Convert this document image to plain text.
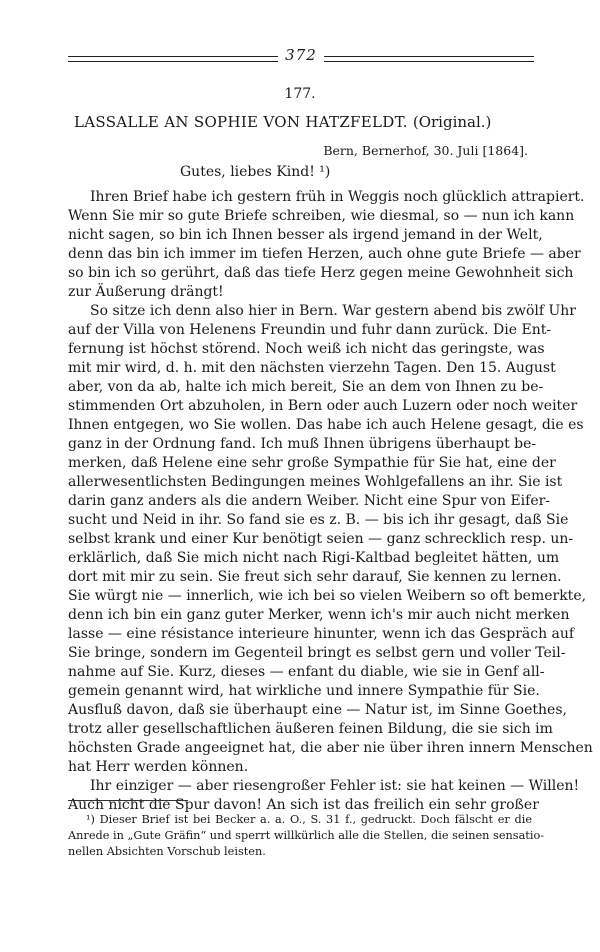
372
177.
LASSALLE AN SOPHIE VON HATZFELDT. (Original.)
Bern, Bernerhof, 30. Juli [1864].
Gutes, liebes Kind! ¹)
Ihren Brief habe ich gestern früh in Weggis noch glücklich attrapiert.
Wenn Sie mir so gute Briefe schreiben, wie diesmal, so — nun ich kann
nicht sagen, so bin ich Ihnen besser als irgend jemand in der Welt,
denn das bin ich immer im tiefen Herzen, auch ohne gute Briefe — aber
so bin ich so gerührt, daß das tiefe Herz gegen meine Gewohnheit sich
zur Äußerung drängt!
So sitze ich denn also hier in Bern. War gestern abend bis zwölf Uhr
auf der Villa von Helenens Freundin und fuhr dann zurück. Die Ent-
fernung ist höchst störend. Noch weiß ich nicht das geringste, was
mit mir wird, d. h. mit den nächsten vierzehn Tagen. Den 15. August
aber, von da ab, halte ich mich bereit, Sie an dem von Ihnen zu be-
stimmenden Ort abzuholen, in Bern oder auch Luzern oder noch weiter
Ihnen entgegen, wo Sie wollen. Das habe ich auch Helene gesagt, die es
ganz in der Ordnung fand. Ich muß Ihnen übrigens überhaupt be-
merken, daß Helene eine sehr große Sympathie für Sie hat, eine der
allerwesentlichsten Bedingungen meines Wohlgefallens an ihr. Sie ist
darin ganz anders als die andern Weiber. Nicht eine Spur von Eifer-
sucht und Neid in ihr. So fand sie es z. B. — bis ich ihr gesagt, daß Sie
selbst krank und einer Kur benötigt seien — ganz schrecklich resp. un-
erklärlich, daß Sie mich nicht nach Rigi-Kaltbad begleitet hätten, um
dort mit mir zu sein. Sie freut sich sehr darauf, Sie kennen zu lernen.
Sie würgt nie — innerlich, wie ich bei so vielen Weibern so oft bemerkte,
denn ich bin ein ganz guter Merker, wenn ich's mir auch nicht merken
lasse — eine résistance interieure hinunter, wenn ich das Gespräch auf
Sie bringe, sondern im Gegenteil bringt es selbst gern und voller Teil-
nahme auf Sie. Kurz, dieses — enfant du diable, wie sie in Genf all-
gemein genannt wird, hat wirkliche und innere Sympathie für Sie.
Ausfluß davon, daß sie überhaupt eine — Natur ist, im Sinne Goethes,
trotz aller gesellschaftlichen äußeren feinen Bildung, die sie sich im
höchsten Grade angeeignet hat, die aber nie über ihren innern Menschen
hat Herr werden können.
Ihr einziger — aber riesengroßer Fehler ist: sie hat keinen — Willen!
Auch nicht die Spur davon! An sich ist das freilich ein sehr großer
¹) Dieser Brief ist bei Becker a. a. O., S. 31 f., gedruckt. Doch fälscht er die
Anrede in „Gute Gräfin“ und sperrt willkürlich alle die Stellen, die seinen sensatio-
nellen Absichten Vorschub leisten.
